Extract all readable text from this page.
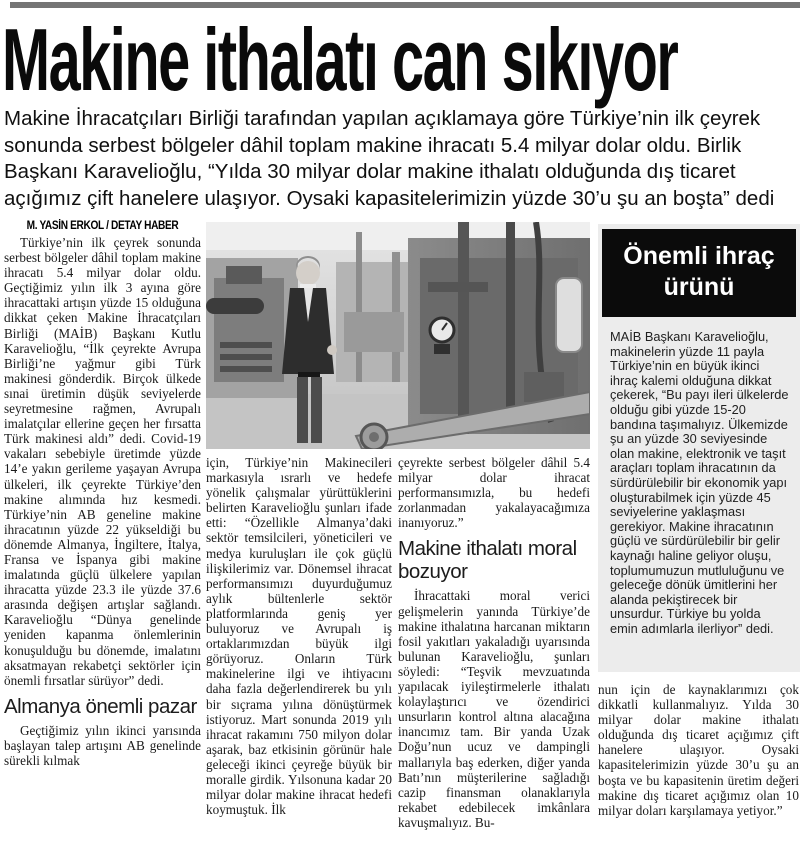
Makine ithalatı can sıkıyor

Makine İhracatçıları Birliği tarafından yapılan açıklamaya göre Türkiye’nin ilk çeyrek sonunda serbest bölgeler dâhil toplam makine ihracatı 5.4 milyar dolar oldu. Birlik Başkanı Karavelioğlu, “Yılda 30 milyar dolar makine ithalatı olduğunda dış ticaret açığımız çift hanelere ulaşıyor. Oysaki kapasitelerimizin yüzde 30’u şu an boşta” dedi

M. YASİN ERKOL / DETAY HABER

Türkiye’nin ilk çeyrek sonunda serbest bölgeler dâhil toplam makine ihracatı 5.4 milyar dolar oldu. Geçtiğimiz yılın ilk 3 ayına göre ihracattaki artışın yüzde 15 olduğuna dikkat çeken Makine İhracatçıları Birliği (MAİB) Başkanı Kutlu Karavelioğlu, “İlk çeyrekte Avrupa Birliği’ne yağmur gibi Türk makinesi gönderdik. Birçok ülkede sınai üretimin düşük seviyelerde seyretmesine rağmen, Avrupalı imalatçılar ellerine geçen her fırsatta Türk makinesi aldı” dedi. Covid-19 vakaları sebebiyle üretimde yüzde 14’e yakın gerileme yaşayan Avrupa ülkeleri, ilk çeyrekte Türkiye’den makine alımında hız kesmedi. Türkiye’nin AB geneline makine ihracatının yüzde 22 yükseldiği bu dönemde Almanya, İngiltere, İtalya, Fransa ve İspanya gibi makine imalatında güçlü ülkelere yapılan ihracatta yüzde 23.3 ile yüzde 37.6 arasında değişen artışlar sağlandı. Karavelioğlu “Dünya genelinde yeniden kapanma önlemlerinin konuşulduğu bu dönemde, imalatını aksatmayan rekabetçi sektörler için önemli fırsatlar sürüyor” dedi.

Almanya önemli pazar

Geçtiğimiz yılın ikinci yarısında başlayan talep artışını AB genelinde sürekli kılmak

için, Türkiye’nin Makinecileri markasıyla ısrarlı ve hedefe yönelik çalışmalar yürüttüklerini belirten Karavelioğlu şunları ifade etti: “Özellikle Almanya’daki sektör temsilcileri, yöneticileri ve medya kuruluşları ile çok güçlü ilişkilerimiz var. Dönemsel ihracat performansımızı duyurduğumuz aylık bültenlerle sektör platformlarında geniş yer buluyoruz ve Avrupalı iş ortaklarımızdan büyük ilgi görüyoruz. Onların Türk makinelerine ilgi ve ihtiyacını daha fazla değerlendirerek bu yılı bir sıçrama yılına dönüştürmek istiyoruz. Mart sonunda 2019 yılı ihracat rakamını 750 milyon dolar aşarak, baz etkisinin görünür hale geleceği ikinci çeyreğe büyük bir moralle girdik. Yılsonuna kadar 20 milyar dolar makine ihracat hedefi koymuştuk. İlk

çeyrekte serbest bölgeler dâhil 5.4 milyar dolar ihracat performansımızla, bu hedefi zorlanmadan yakalayacağımıza inanıyoruz.”

Makine ithalatı moral bozuyor

İhracattaki moral verici gelişmelerin yanında Türkiye’de makine ithalatına harcanan miktarın fosil yakıtları yakaladığı uyarısında bulunan Karavelioğlu, şunları söyledi: “Teşvik mevzuatında yapılacak iyileştirmelerle ithalatı kolaylaştırıcı ve özendirici unsurların kontrol altına alacağına inancımız tam. Bir yanda Uzak Doğu’nun ucuz ve dampingli mallarıyla baş ederken, diğer yanda Batı’nın müşterilerine sağladığı cazip finansman olanaklarıyla rekabet edebilecek imkânlara kavuşmalıyız. Bu-

Önemli ihraç ürünü

MAİB Başkanı Karavelioğlu, makinelerin yüzde 11 payla Türkiye’nin en büyük ikinci ihraç kalemi olduğuna dikkat çekerek, “Bu payı ileri ülkelerde olduğu gibi yüzde 15-20 bandına taşımalıyız. Ülkemizde şu an yüzde 30 seviyesinde olan makine, elektronik ve taşıt araçları toplam ihracatının da sürdürülebilir bir ekonomik yapı oluşturabilmek için yüzde 45 seviyelerine yaklaşması gerekiyor. Makine ihracatının güçlü ve sürdürülebilir bir gelir kaynağı haline geliyor oluşu, toplumumuzun mutluluğunu ve geleceğe dönük ümitlerini her alanda pekiştirecek bir unsurdur. Türkiye bu yolda emin adımlarla ilerliyor” dedi.

nun için de kaynaklarımızı çok dikkatli kullanmalıyız. Yılda 30 milyar dolar makine ithalatı olduğunda dış ticaret açığımız çift hanelere ulaşıyor. Oysaki kapasitelerimizin yüzde 30’u şu an boşta ve bu kapasitenin üretim değeri makine dış ticaret açığımız olan 10 milyar doları karşılamaya yetiyor.”
